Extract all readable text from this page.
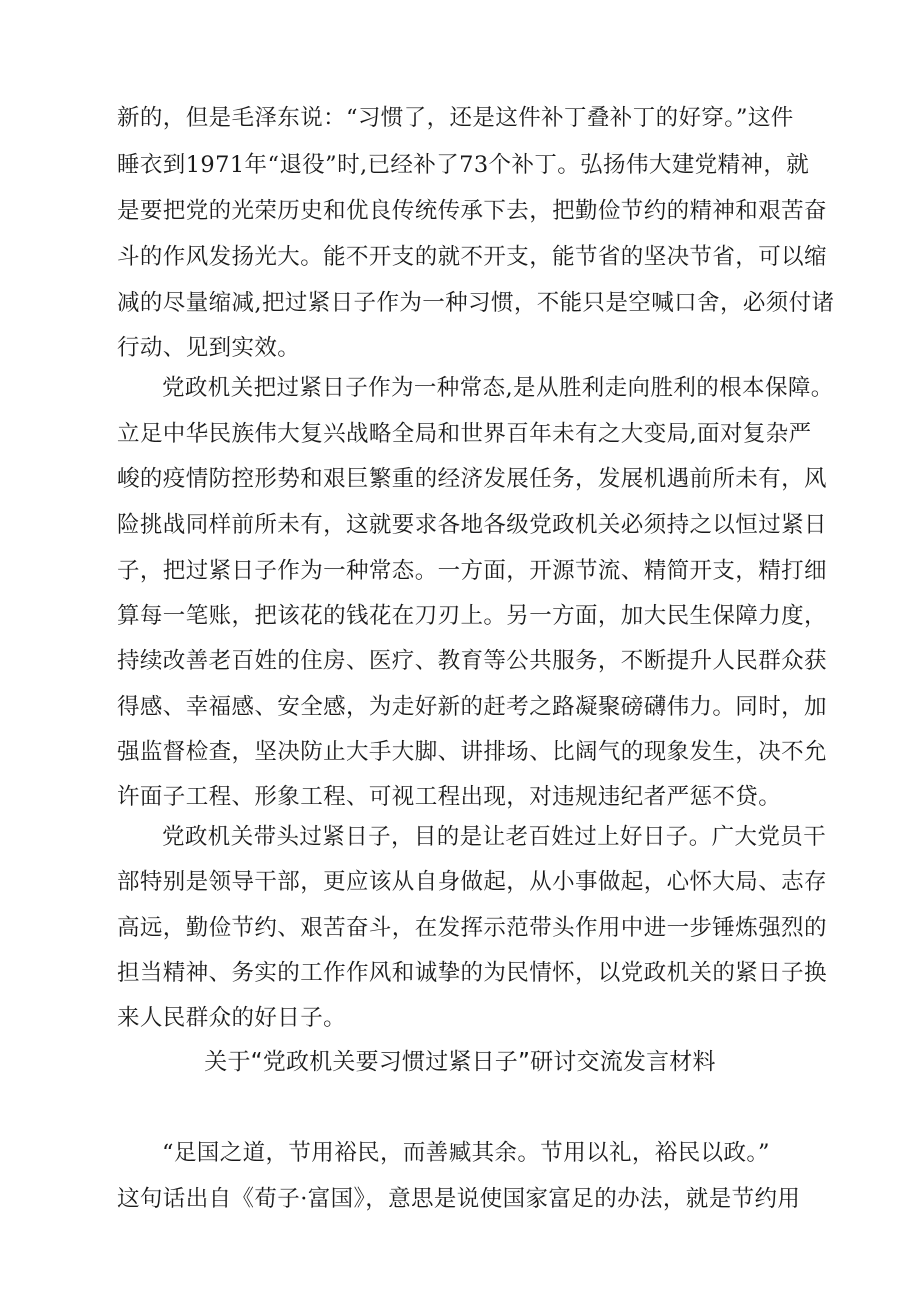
新的，但是毛泽东说：“习惯了，还是这件补丁叠补丁的好穿。”这件
睡衣到1971年“退役”时,已经补了73个补丁。弘扬伟大建党精神，就
是要把党的光荣历史和优良传统传承下去，把勤俭节约的精神和艰苦奋
斗的作风发扬光大。能不开支的就不开支，能节省的坚决节省，可以缩
减的尽量缩减,把过紧日子作为一种习惯，不能只是空喊口舍，必须付诸
行动、见到实效。
党政机关把过紧日子作为一种常态,是从胜利走向胜利的根本保障。
立足中华民族伟大复兴战略全局和世界百年未有之大变局,面对复杂严
峻的疫情防控形势和艰巨繁重的经济发展任务，发展机遇前所未有，风
险挑战同样前所未有，这就要求各地各级党政机关必须持之以恒过紧日
子，把过紧日子作为一种常态。一方面，开源节流、精简开支，精打细
算每一笔账，把该花的钱花在刀刃上。另一方面，加大民生保障力度，
持续改善老百姓的住房、医疗、教育等公共服务，不断提升人民群众获
得感、幸福感、安全感，为走好新的赶考之路凝聚磅礴伟力。同时，加
强监督检查，坚决防止大手大脚、讲排场、比阔气的现象发生，决不允
许面子工程、形象工程、可视工程出现，对违规违纪者严惩不贷。
党政机关带头过紧日子，目的是让老百姓过上好日子。广大党员干
部特别是领导干部，更应该从自身做起，从小事做起，心怀大局、志存
高远，勤俭节约、艰苦奋斗，在发挥示范带头作用中进一步锤炼强烈的
担当精神、务实的工作作风和诚挚的为民情怀，以党政机关的紧日子换
来人民群众的好日子。
关于“党政机关要习惯过紧日子”研讨交流发言材料
“足国之道，节用裕民，而善臧其余。节用以礼，裕民以政。”
这句话出自《荀子·富国》，意思是说使国家富足的办法，就是节约用
